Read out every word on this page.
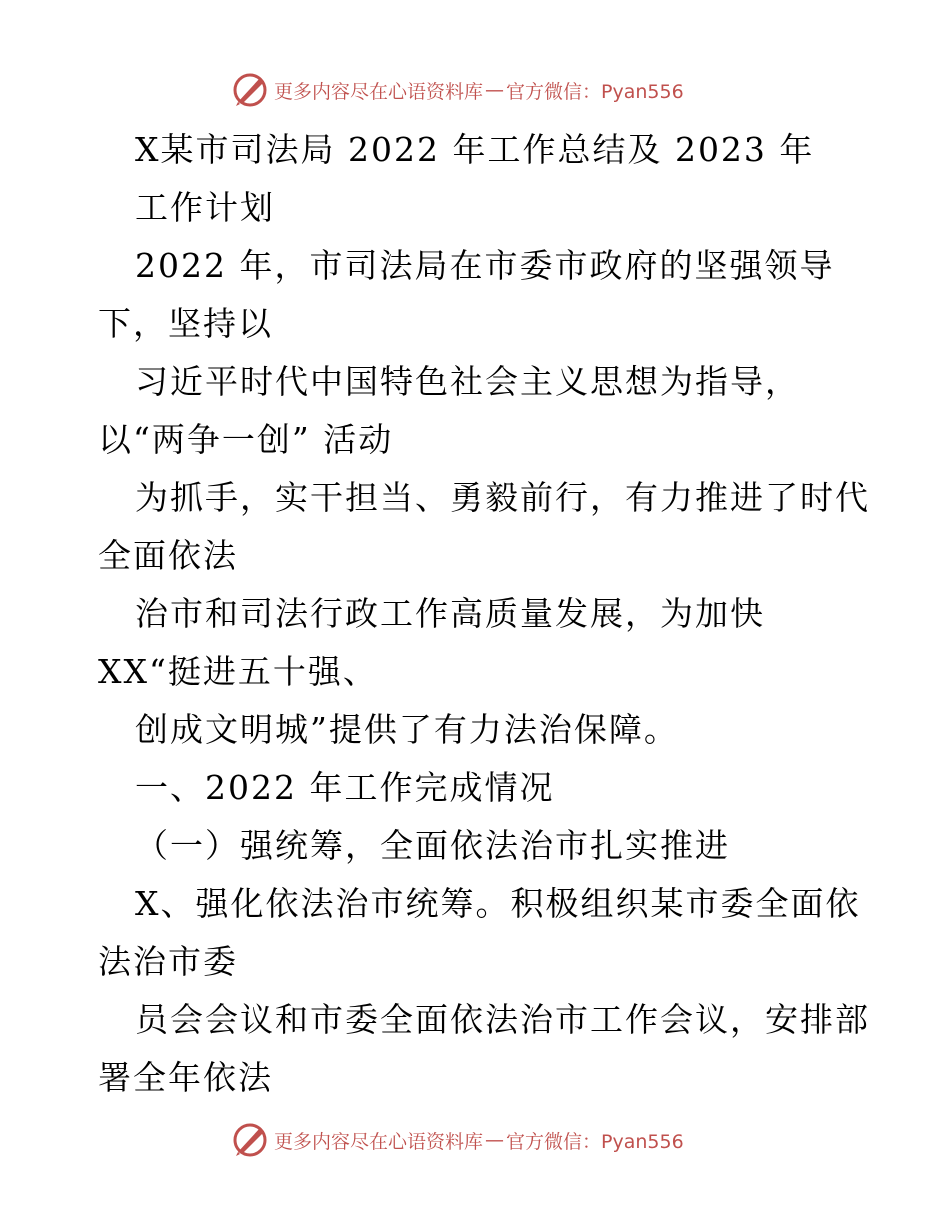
更多内容尽在心语资料库 — 官方微信：Pyan556
X某市司法局 2022 年工作总结及 2023 年
工作计划
2022 年，市司法局在市委市政府的坚强领导
下，坚持以
习近平时代中国特色社会主义思想为指导，
以“两争一创” 活动
为抓手，实干担当、勇毅前行，有力推进了时代
全面依法
治市和司法行政工作高质量发展，为加快
XX“挺进五十强、
创成文明城”提供了有力法治保障。
一、2022 年工作完成情况
（一）强统筹，全面依法治市扎实推进
X、强化依法治市统筹。积极组织某市委全面依
法治市委
员会会议和市委全面依法治市工作会议，安排部
署全年依法
更多内容尽在心语资料库 — 官方微信：Pyan556
